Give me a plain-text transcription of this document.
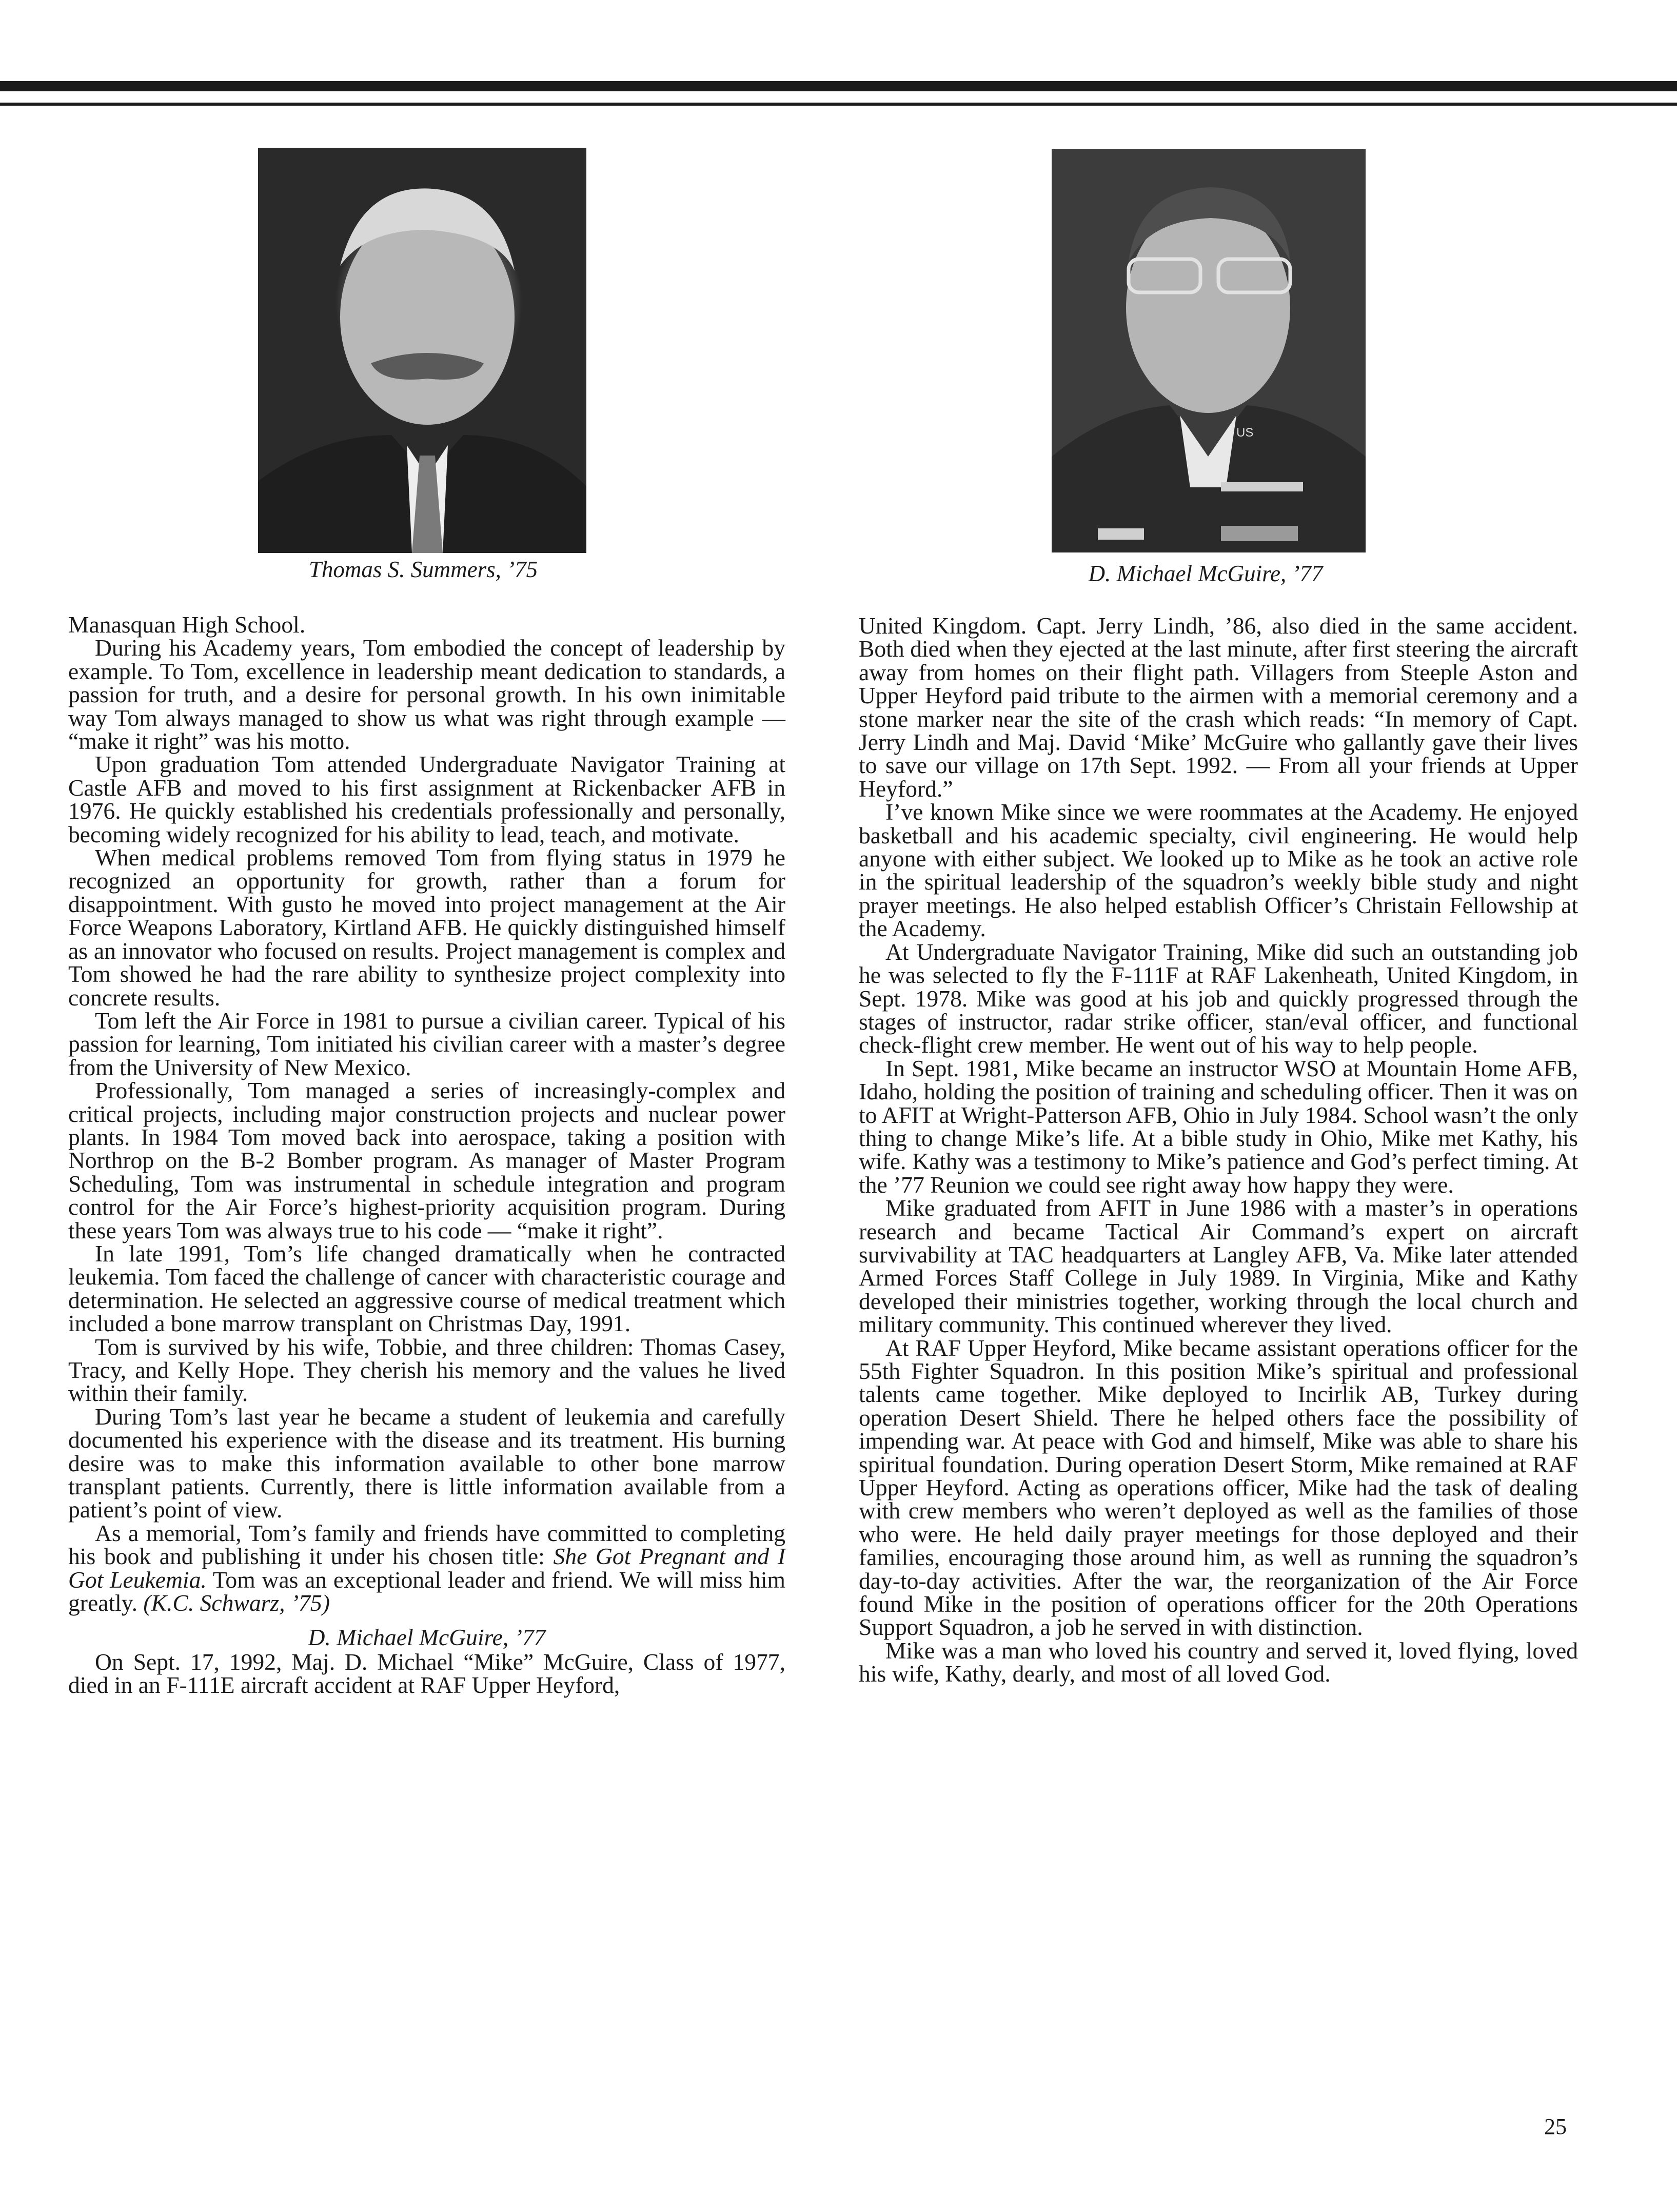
US
Thomas S. Summers, ’75	D. Michael McGuire, ’77

Manasquan High School.

During his Academy years, Tom embodied the concept of leadership by example. To Tom, excellence in leadership meant dedication to standards, a passion for truth, and a desire for personal growth. In his own inimitable way Tom always managed to show us what was right through example — “make it right” was his motto.

Upon graduation Tom attended Undergraduate Navigator Training at Castle AFB and moved to his first assignment at Rickenbacker AFB in 1976. He quickly established his credentials professionally and personally, becoming widely recognized for his ability to lead, teach, and motivate.

When medical problems removed Tom from flying status in 1979 he recognized an opportunity for growth, rather than a forum for disappointment. With gusto he moved into project management at the Air Force Weapons Laboratory, Kirtland AFB. He quickly distinguished himself as an innovator who focused on results. Project management is complex and Tom showed he had the rare ability to synthesize project complexity into concrete results.

Tom left the Air Force in 1981 to pursue a civilian career. Typical of his passion for learning, Tom initiated his civilian career with a master’s degree from the University of New Mexico.

Professionally, Tom managed a series of increasingly-complex and critical projects, including major construction projects and nuclear power plants. In 1984 Tom moved back into aerospace, taking a position with Northrop on the B-2 Bomber program. As manager of Master Program Scheduling, Tom was instrumental in schedule integration and program control for the Air Force’s highest-priority acquisition program. During these years Tom was always true to his code — “make it right”.

In late 1991, Tom’s life changed dramatically when he contracted leukemia. Tom faced the challenge of cancer with characteristic courage and determination. He selected an aggressive course of medical treatment which included a bone marrow transplant on Christmas Day, 1991.

Tom is survived by his wife, Tobbie, and three children: Thomas Casey, Tracy, and Kelly Hope. They cherish his memory and the values he lived within their family.

During Tom’s last year he became a student of leukemia and carefully documented his experience with the disease and its treatment. His burning desire was to make this information available to other bone marrow transplant patients. Currently, there is little information available from a patient’s point of view.

As a memorial, Tom’s family and friends have committed to completing his book and publishing it under his chosen title: She Got Pregnant and I Got Leukemia. Tom was an exceptional leader and friend. We will miss him greatly. (K.C. Schwarz, ’75)

D. Michael McGuire, ’77

On Sept. 17, 1992, Maj. D. Michael “Mike” McGuire, Class of 1977, died in an F-111E aircraft accident at RAF Upper Heyford,

United Kingdom. Capt. Jerry Lindh, ’86, also died in the same accident. Both died when they ejected at the last minute, after first steering the aircraft away from homes on their flight path. Villagers from Steeple Aston and Upper Heyford paid tribute to the airmen with a memorial ceremony and a stone marker near the site of the crash which reads: “In memory of Capt. Jerry Lindh and Maj. David ‘Mike’ McGuire who gallantly gave their lives to save our village on 17th Sept. 1992. — From all your friends at Upper Heyford.”

I’ve known Mike since we were roommates at the Academy. He enjoyed basketball and his academic specialty, civil engineering. He would help anyone with either subject. We looked up to Mike as he took an active role in the spiritual leadership of the squadron’s weekly bible study and night prayer meetings. He also helped establish Officer’s Christain Fellowship at the Academy.

At Undergraduate Navigator Training, Mike did such an outstanding job he was selected to fly the F-111F at RAF Lakenheath, United Kingdom, in Sept. 1978. Mike was good at his job and quickly progressed through the stages of instructor, radar strike officer, stan/eval officer, and functional check-flight crew member. He went out of his way to help people.

In Sept. 1981, Mike became an instructor WSO at Mountain Home AFB, Idaho, holding the position of training and scheduling officer. Then it was on to AFIT at Wright-Patterson AFB, Ohio in July 1984. School wasn’t the only thing to change Mike’s life. At a bible study in Ohio, Mike met Kathy, his wife. Kathy was a testimony to Mike’s patience and God’s perfect timing. At the ’77 Reunion we could see right away how happy they were.

Mike graduated from AFIT in June 1986 with a master’s in operations research and became Tactical Air Command’s expert on aircraft survivability at TAC headquarters at Langley AFB, Va. Mike later attended Armed Forces Staff College in July 1989. In Virginia, Mike and Kathy developed their ministries together, working through the local church and military community. This continued wherever they lived.

At RAF Upper Heyford, Mike became assistant operations officer for the 55th Fighter Squadron. In this position Mike’s spiritual and professional talents came together. Mike deployed to Incirlik AB, Turkey during operation Desert Shield. There he helped others face the possibility of impending war. At peace with God and himself, Mike was able to share his spiritual foundation. During operation Desert Storm, Mike remained at RAF Upper Heyford. Acting as operations officer, Mike had the task of dealing with crew members who weren’t deployed as well as the families of those who were. He held daily prayer meetings for those deployed and their families, encouraging those around him, as well as running the squadron’s day-to-day activities. After the war, the reorganization of the Air Force found Mike in the position of operations officer for the 20th Operations Support Squadron, a job he served in with distinction.

Mike was a man who loved his country and served it, loved flying, loved his wife, Kathy, dearly, and most of all loved God.

25
